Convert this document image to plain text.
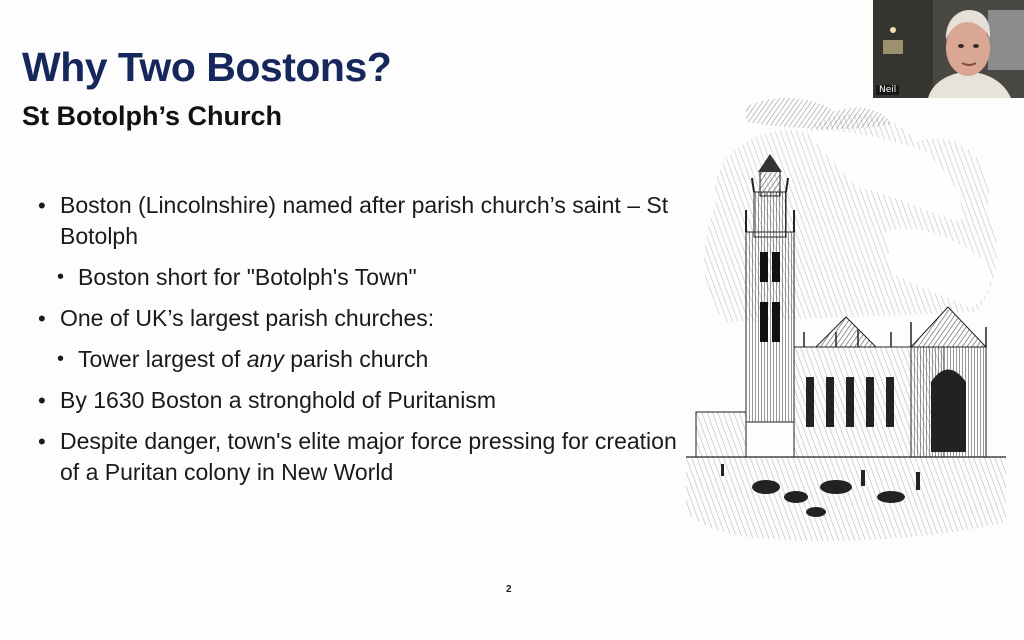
Why Two Bostons?
St Botolph’s Church
• Boston (Lincolnshire) named after parish church’s saint – St Botolph
• Boston short for "Botolph's Town"
• One of UK’s largest parish churches:
• Tower largest of any parish church
• By 1630 Boston a stronghold of Puritanism
• Despite danger, town's elite major force pressing for creation of a Puritan colony in New World
2
Neil
